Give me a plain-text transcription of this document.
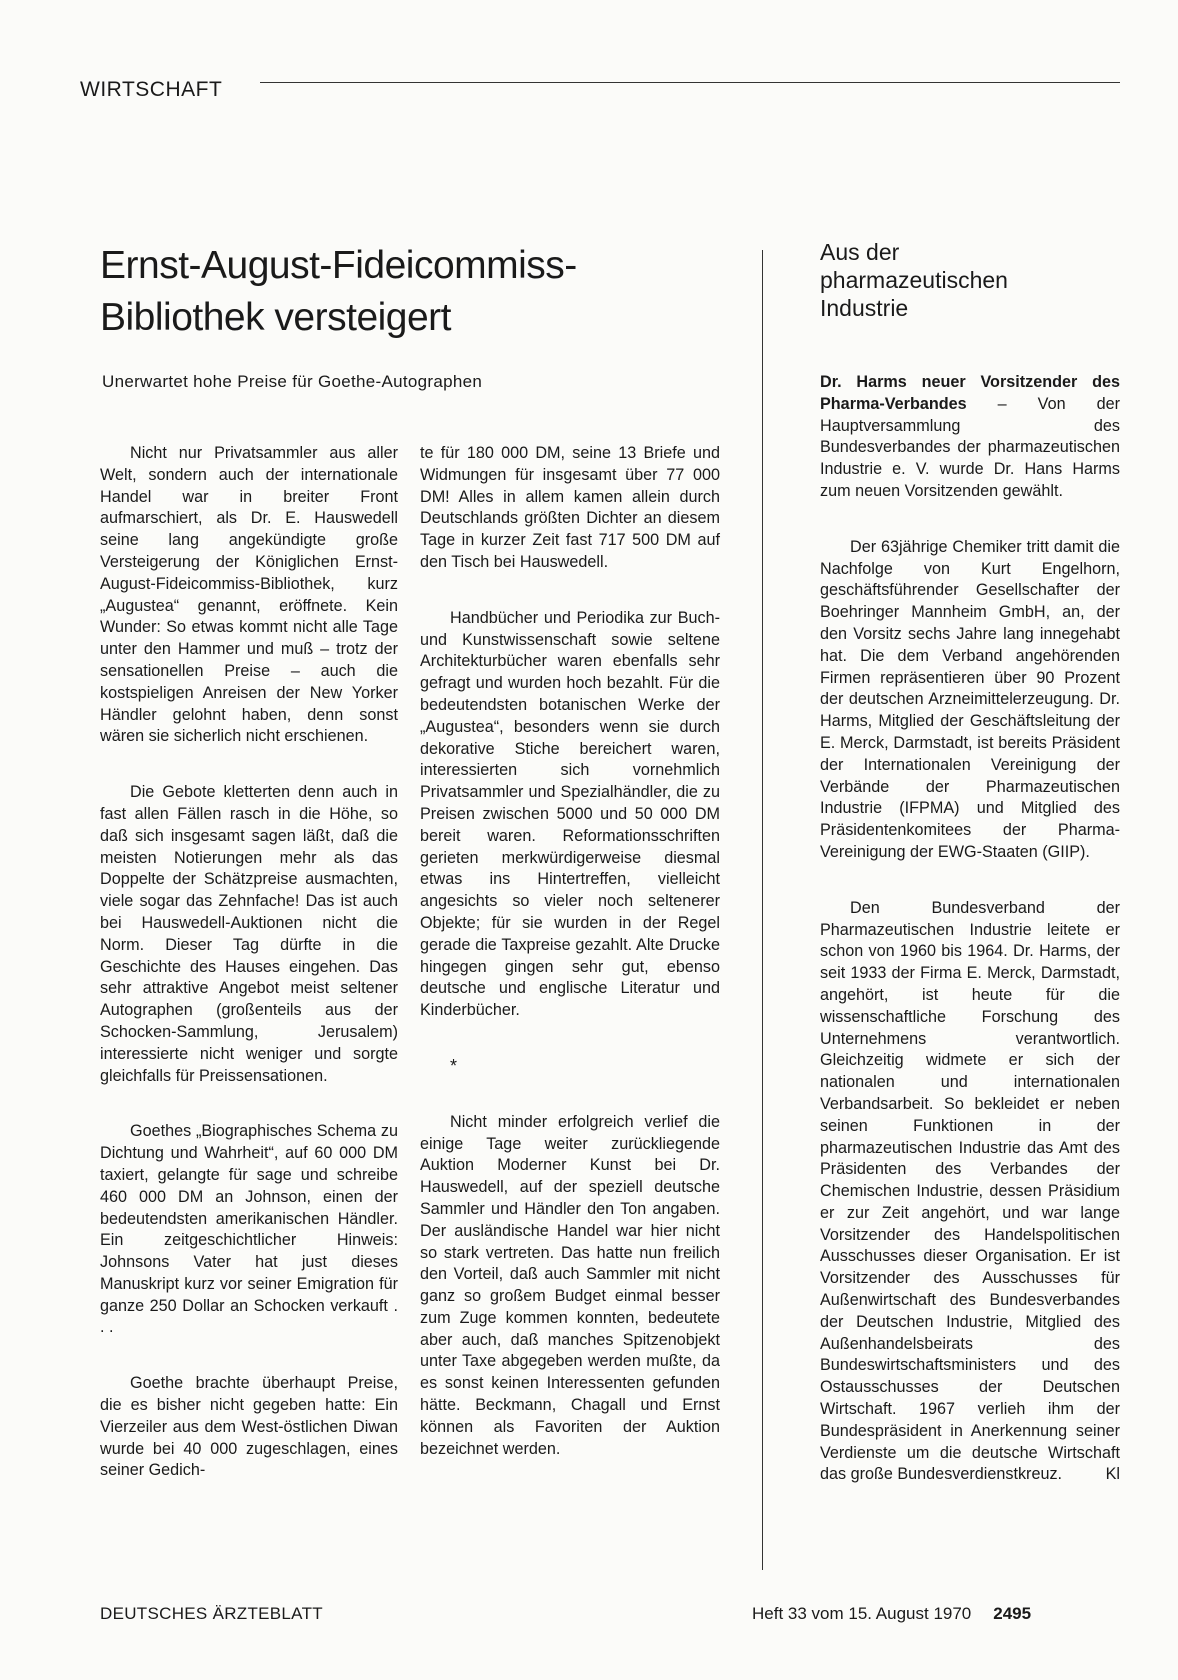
WIRTSCHAFT
Ernst-August-Fideicommiss-
Bibliothek versteigert
Unerwartet hohe Preise für Goethe-Autographen

Nicht nur Privatsammler aus aller Welt, sondern auch der internationale Handel war in breiter Front aufmarschiert, als Dr. E. Hauswedell seine lang angekündigte große Versteigerung der Königlichen Ernst-August-Fideicommiss-Bibliothek, kurz „Augustea“ genannt, eröffnete. Kein Wunder: So etwas kommt nicht alle Tage unter den Hammer und muß – trotz der sensationellen Preise – auch die kostspieligen Anreisen der New Yorker Händler gelohnt haben, denn sonst wären sie sicherlich nicht erschienen.

Die Gebote kletterten denn auch in fast allen Fällen rasch in die Höhe, so daß sich insgesamt sagen läßt, daß die meisten Notierungen mehr als das Doppelte der Schätzpreise ausmachten, viele sogar das Zehnfache! Das ist auch bei Hauswedell-Auktionen nicht die Norm. Dieser Tag dürfte in die Geschichte des Hauses eingehen. Das sehr attraktive Angebot meist seltener Autographen (großenteils aus der Schocken-Sammlung, Jerusalem) interessierte nicht weniger und sorgte gleichfalls für Preissensationen.

Goethes „Biographisches Schema zu Dichtung und Wahrheit“, auf 60 000 DM taxiert, gelangte für sage und schreibe 460 000 DM an Johnson, einen der bedeutendsten amerikanischen Händler. Ein zeitgeschichtlicher Hinweis: Johnsons Vater hat just dieses Manuskript kurz vor seiner Emigration für ganze 250 Dollar an Schocken verkauft . . .

Goethe brachte überhaupt Preise, die es bisher nicht gegeben hatte: Ein Vierzeiler aus dem West-östlichen Diwan wurde bei 40 000 zugeschlagen, eines seiner Gedich-

te für 180 000 DM, seine 13 Briefe und Widmungen für insgesamt über 77 000 DM! Alles in allem kamen allein durch Deutschlands größten Dichter an diesem Tage in kurzer Zeit fast 717 500 DM auf den Tisch bei Hauswedell.

Handbücher und Periodika zur Buch- und Kunstwissenschaft sowie seltene Architekturbücher waren ebenfalls sehr gefragt und wurden hoch bezahlt. Für die bedeutendsten botanischen Werke der „Augustea“, besonders wenn sie durch dekorative Stiche bereichert waren, interessierten sich vornehmlich Privatsammler und Spezialhändler, die zu Preisen zwischen 5000 und 50 000 DM bereit waren. Reformationsschriften gerieten merkwürdigerweise diesmal etwas ins Hintertreffen, vielleicht angesichts so vieler noch seltenerer Objekte; für sie wurden in der Regel gerade die Taxpreise gezahlt. Alte Drucke hingegen gingen sehr gut, ebenso deutsche und englische Literatur und Kinderbücher.

*

Nicht minder erfolgreich verlief die einige Tage weiter zurückliegende Auktion Moderner Kunst bei Dr. Hauswedell, auf der speziell deutsche Sammler und Händler den Ton angaben. Der ausländische Handel war hier nicht so stark vertreten. Das hatte nun freilich den Vorteil, daß auch Sammler mit nicht ganz so großem Budget einmal besser zum Zuge kommen konnten, bedeutete aber auch, daß manches Spitzenobjekt unter Taxe abgegeben werden mußte, da es sonst keinen Interessenten gefunden hätte. Beckmann, Chagall und Ernst können als Favoriten der Auktion bezeichnet werden.

Aus der
pharmazeutischen
Industrie

Dr. Harms neuer Vorsitzender des Pharma-Verbandes – Von der Hauptversammlung des Bundesverbandes der pharmazeutischen Industrie e. V. wurde Dr. Hans Harms zum neuen Vorsitzenden gewählt.

Der 63jährige Chemiker tritt damit die Nachfolge von Kurt Engelhorn, geschäftsführender Gesellschafter der Boehringer Mannheim GmbH, an, der den Vorsitz sechs Jahre lang innegehabt hat. Die dem Verband angehörenden Firmen repräsentieren über 90 Prozent der deutschen Arzneimittelerzeugung. Dr. Harms, Mitglied der Geschäftsleitung der E. Merck, Darmstadt, ist bereits Präsident der Internationalen Vereinigung der Verbände der Pharmazeutischen Industrie (IFPMA) und Mitglied des Präsidentenkomitees der Pharma-Vereinigung der EWG-Staaten (GIIP).

Den Bundesverband der Pharmazeutischen Industrie leitete er schon von 1960 bis 1964. Dr. Harms, der seit 1933 der Firma E. Merck, Darmstadt, angehört, ist heute für die wissenschaftliche Forschung des Unternehmens verantwortlich. Gleichzeitig widmete er sich der nationalen und internationalen Verbandsarbeit. So bekleidet er neben seinen Funktionen in der pharmazeutischen Industrie das Amt des Präsidenten des Verbandes der Chemischen Industrie, dessen Präsidium er zur Zeit angehört, und war lange Vorsitzender des Handelspolitischen Ausschusses dieser Organisation. Er ist Vorsitzender des Ausschusses für Außenwirtschaft des Bundesverbandes der Deutschen Industrie, Mitglied des Außenhandelsbeirats des Bundeswirtschaftsministers und des Ostausschusses der Deutschen Wirtschaft. 1967 verlieh ihm der Bundespräsident in Anerkennung seiner Verdienste um die deutsche Wirtschaft das große Bundesverdienstkreuz.	Kl

DEUTSCHES ÄRZTEBLATT	Heft 33 vom 15. August 1970 2495
